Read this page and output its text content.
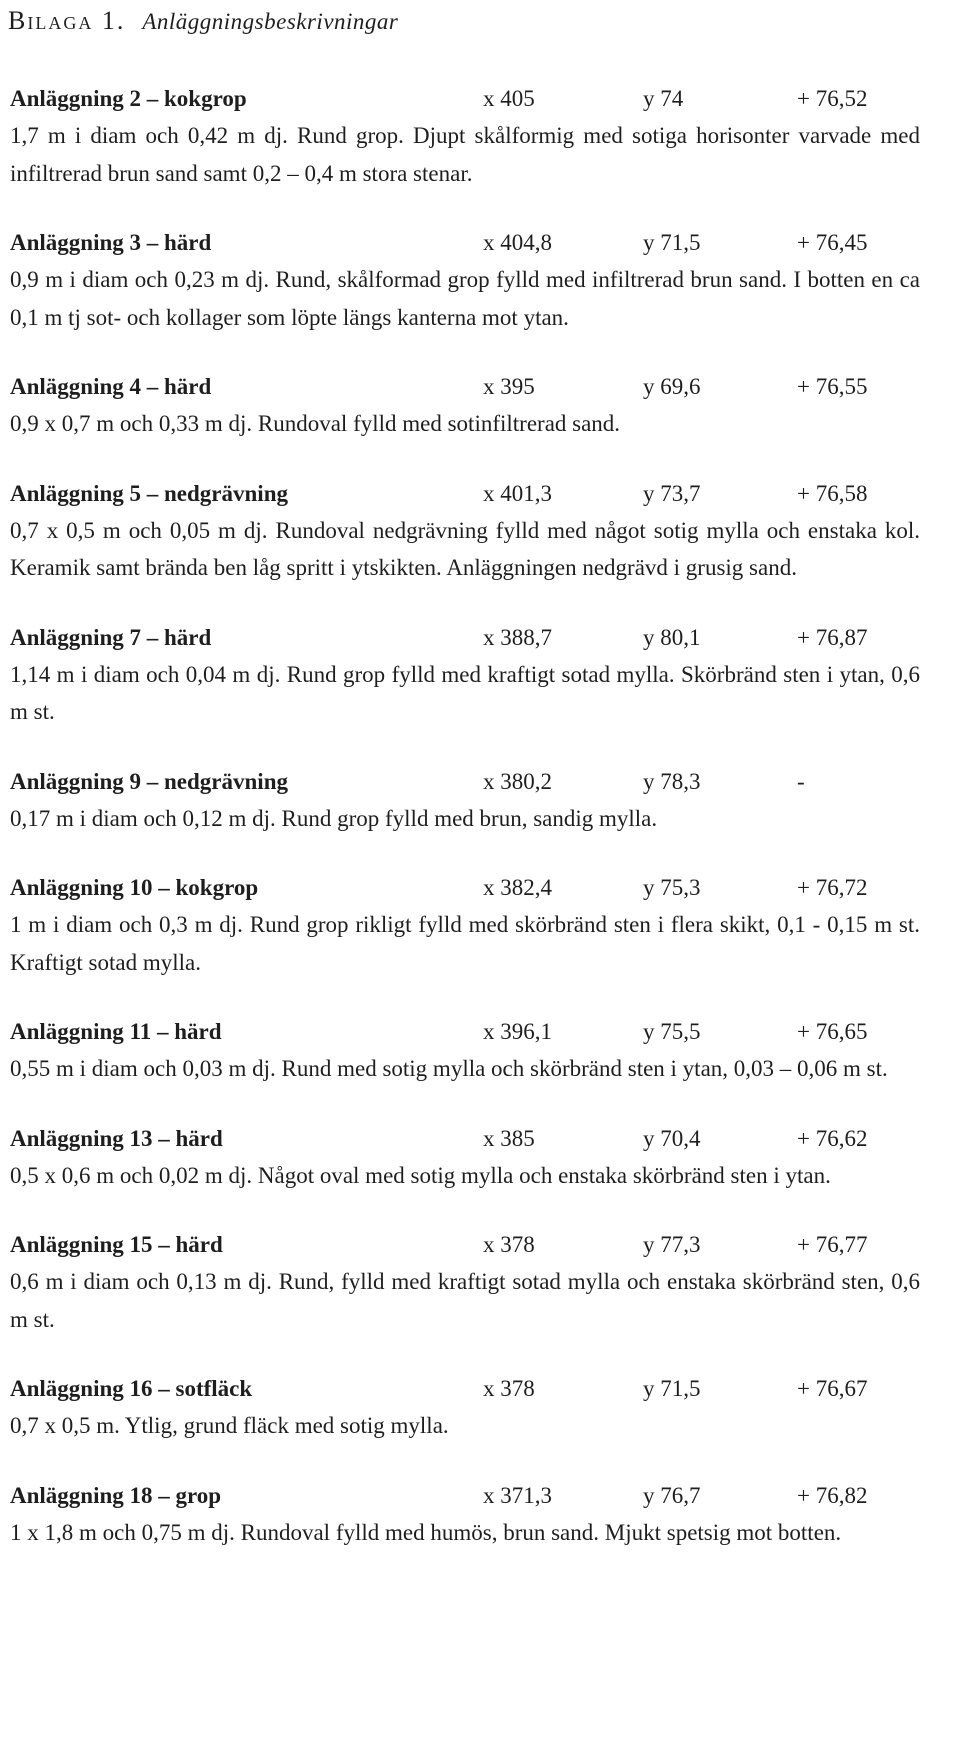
Bilaga 1. Anläggningsbeskrivningar
Anläggning 2 – kokgrop	x 405	y 74	+ 76,52

1,7 m i diam och 0,42 m dj. Rund grop. Djupt skålformig med sotiga horisonter varvade med infiltrerad brun sand samt 0,2 – 0,4 m stora stenar.

Anläggning 3 – härd	x 404,8	y 71,5	+ 76,45

0,9 m i diam och 0,23 m dj. Rund, skålformad grop fylld med infiltrerad brun sand. I botten en ca 0,1 m tj sot- och kollager som löpte längs kanterna mot ytan.

Anläggning 4 – härd	x 395	y 69,6	+ 76,55

0,9 x 0,7 m och 0,33 m dj. Rundoval fylld med sotinfiltrerad sand.

Anläggning 5 – nedgrävning	x 401,3	y 73,7	+ 76,58

0,7 x 0,5 m och 0,05 m dj. Rundoval nedgrävning fylld med något sotig mylla och enstaka kol. Keramik samt brända ben låg spritt i ytskikten. Anläggningen nedgrävd i grusig sand.

Anläggning 7 – härd	x 388,7	y 80,1	+ 76,87

1,14 m i diam och 0,04 m dj. Rund grop fylld med kraftigt sotad mylla. Skörbränd sten i ytan, 0,6 m st.

Anläggning 9 – nedgrävning	x 380,2	y 78,3	-

0,17 m i diam och 0,12 m dj. Rund grop fylld med brun, sandig mylla.

Anläggning 10 – kokgrop	x 382,4	y 75,3	+ 76,72

1 m i diam och 0,3 m dj. Rund grop rikligt fylld med skörbränd sten i flera skikt, 0,1 - 0,15 m st. Kraftigt sotad mylla.

Anläggning 11 – härd	x 396,1	y 75,5	+ 76,65

0,55 m i diam och 0,03 m dj. Rund med sotig mylla och skörbränd sten i ytan, 0,03 – 0,06 m st.

Anläggning 13 – härd	x 385	y 70,4	+ 76,62

0,5 x 0,6 m och 0,02 m dj. Något oval med sotig mylla och enstaka skörbränd sten i ytan.

Anläggning 15 – härd	x 378	y 77,3	+ 76,77

0,6 m i diam och 0,13 m dj. Rund, fylld med kraftigt sotad mylla och enstaka skörbränd sten, 0,6 m st.

Anläggning 16 – sotfläck	x 378	y 71,5	+ 76,67

0,7 x 0,5 m. Ytlig, grund fläck med sotig mylla.

Anläggning 18 – grop	x 371,3	y 76,7	+ 76,82

1 x 1,8 m och 0,75 m dj. Rundoval fylld med humös, brun sand. Mjukt spetsig mot botten.
